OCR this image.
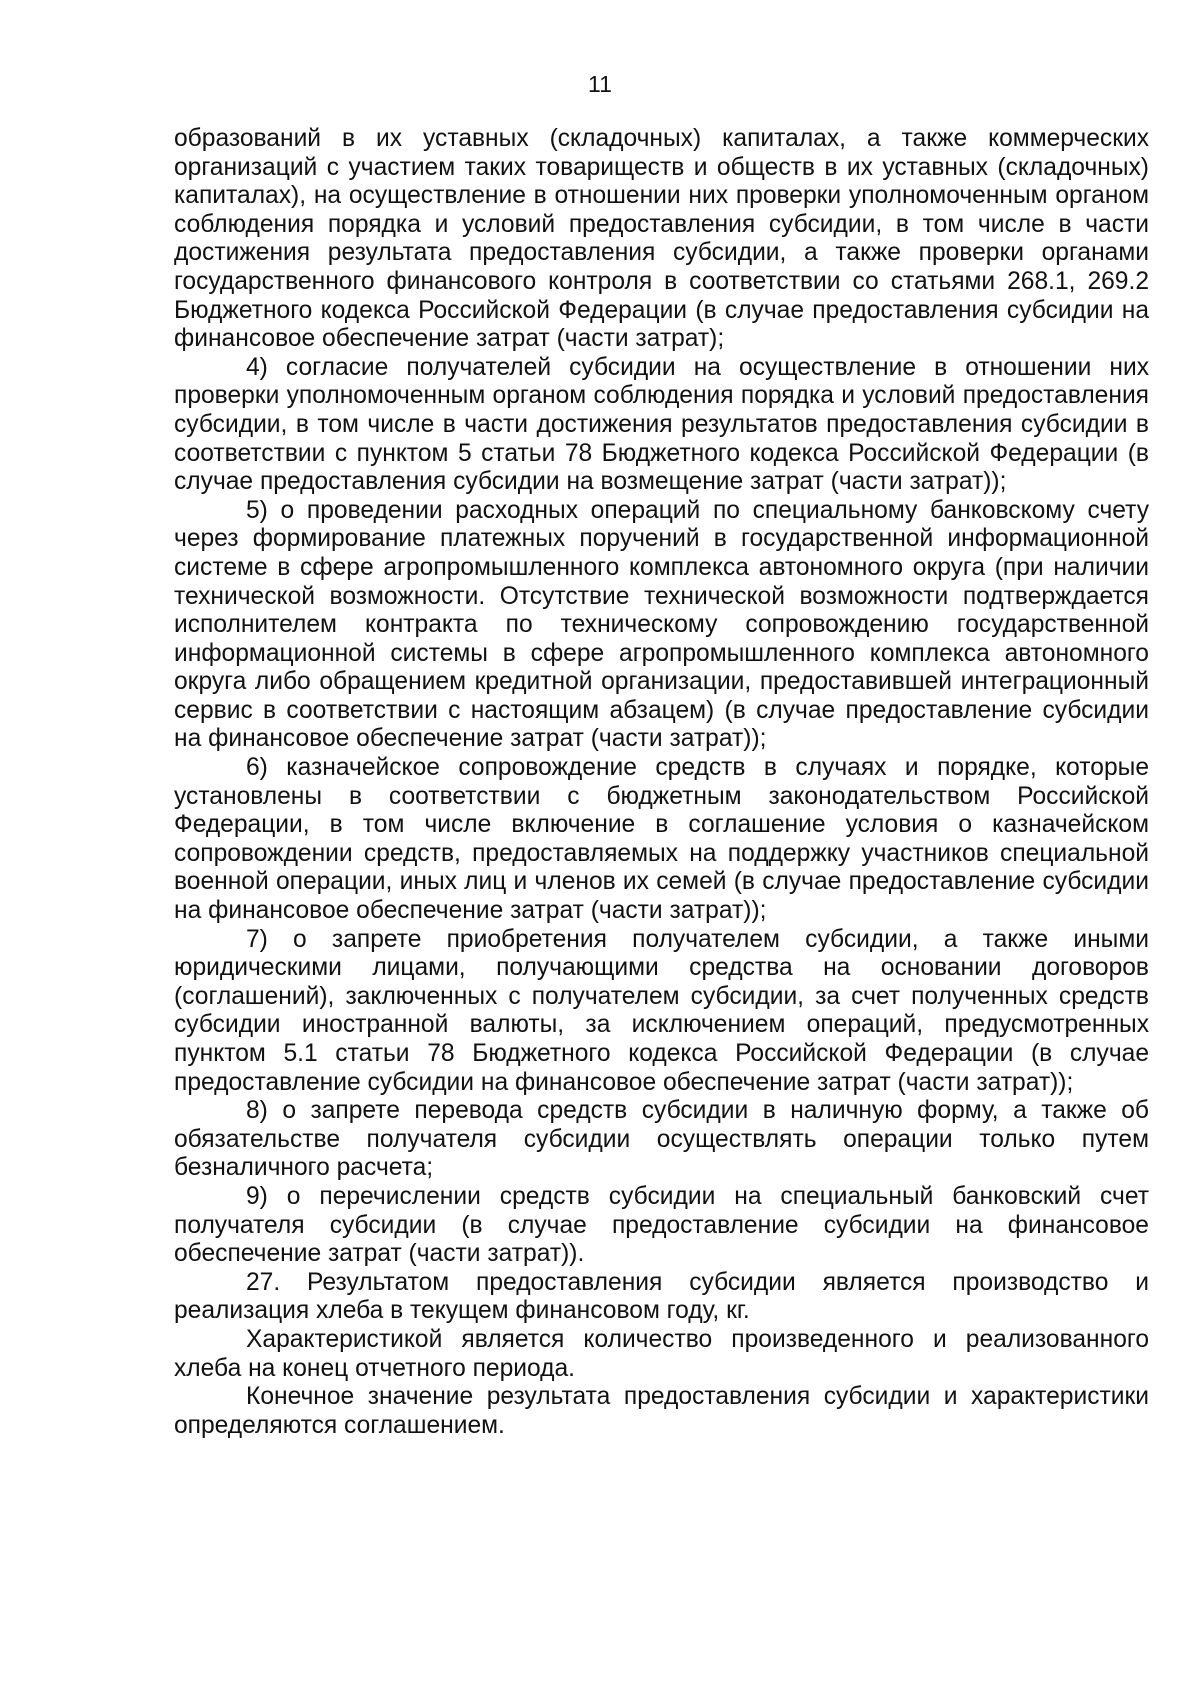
11

образований в их уставных (складочных) капиталах, а также коммерческих организаций с участием таких товариществ и обществ в их уставных (складочных) капиталах), на осуществление в отношении них проверки уполномоченным органом соблюдения порядка и условий предоставления субсидии, в том числе в части достижения результата предоставления субсидии, а также проверки органами государственного финансового контроля в соответствии со статьями 268.1, 269.2 Бюджетного кодекса Российской Федерации (в случае предоставления субсидии на финансовое обеспечение затрат (части затрат);

4) согласие получателей субсидии на осуществление в отношении них проверки уполномоченным органом соблюдения порядка и условий предоставления субсидии, в том числе в части достижения результатов предоставления субсидии в соответствии с пунктом 5 статьи 78 Бюджетного кодекса Российской Федерации (в случае предоставления субсидии на возмещение затрат (части затрат));

5) о проведении расходных операций по специальному банковскому счету через формирование платежных поручений в государственной информационной системе в сфере агропромышленного комплекса автономного округа (при наличии технической возможности. Отсутствие технической возможности подтверждается исполнителем контракта по техническому сопровождению государственной информационной системы в сфере агропромышленного комплекса автономного округа либо обращением кредитной организации, предоставившей интеграционный сервис в соответствии с настоящим абзацем) (в случае предоставление субсидии на финансовое обеспечение затрат (части затрат));

6) казначейское сопровождение средств в случаях и порядке, которые установлены в соответствии с бюджетным законодательством Российской Федерации, в том числе включение в соглашение условия о казначейском сопровождении средств, предоставляемых на поддержку участников специальной военной операции, иных лиц и членов их семей (в случае предоставление субсидии на финансовое обеспечение затрат (части затрат));

7) о запрете приобретения получателем субсидии, а также иными юридическими лицами, получающими средства на основании договоров (соглашений), заключенных с получателем субсидии, за счет полученных средств субсидии иностранной валюты, за исключением операций, предусмотренных пунктом 5.1 статьи 78 Бюджетного кодекса Российской Федерации (в случае предоставление субсидии на финансовое обеспечение затрат (части затрат));

8) о запрете перевода средств субсидии в наличную форму, а также об обязательстве получателя субсидии осуществлять операции только путем безналичного расчета;

9) о перечислении средств субсидии на специальный банковский счет получателя субсидии (в случае предоставление субсидии на финансовое обеспечение затрат (части затрат)).

27. Результатом предоставления субсидии является производство и реализация хлеба в текущем финансовом году, кг.

Характеристикой является количество произведенного и реализованного хлеба на конец отчетного периода.

Конечное значение результата предоставления субсидии и характеристики определяются соглашением.
